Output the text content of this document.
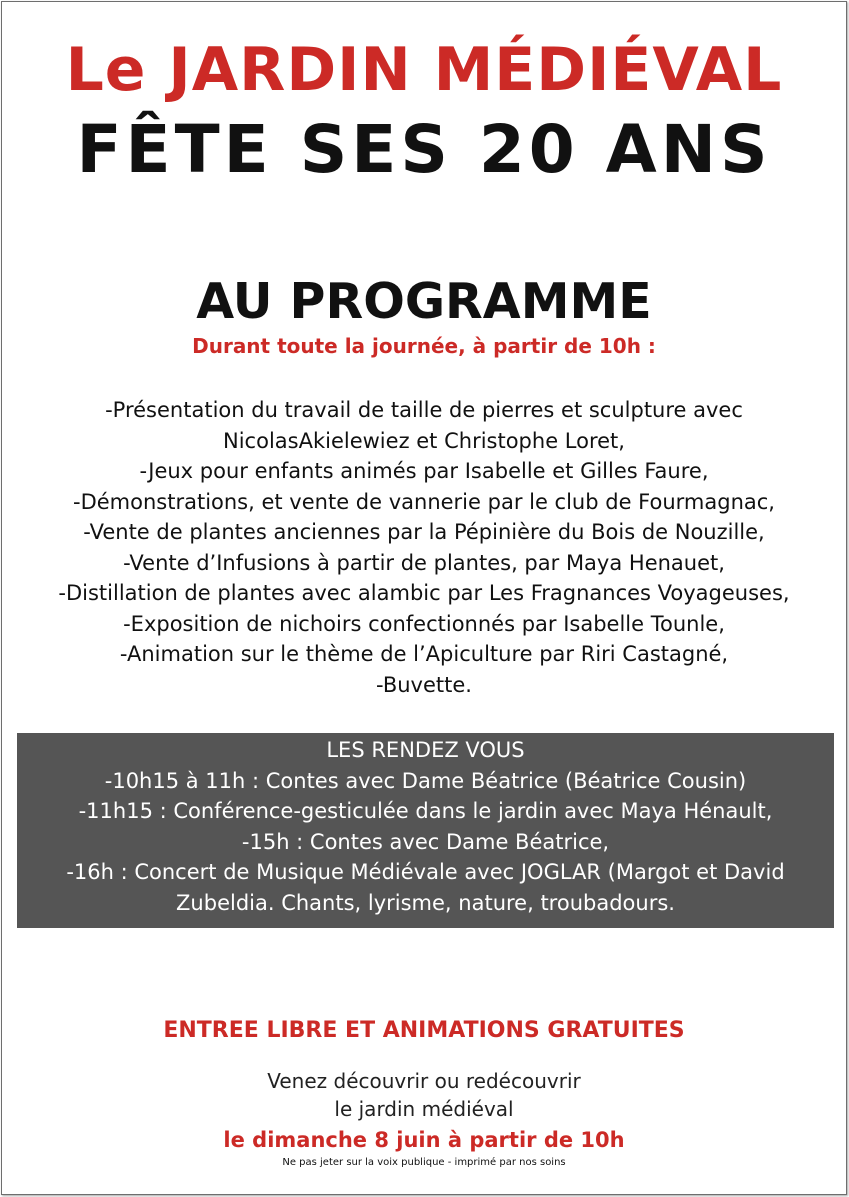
Le JARDIN MÉDIÉVAL
FÊTE SES 20 ANS
AU PROGRAMME
Durant toute la journée, à partir de 10h :
-Présentation du travail de taille de pierres et sculpture avec
NicolasAkielewiez et Christophe Loret,
-Jeux pour enfants animés par Isabelle et Gilles Faure,
-Démonstrations, et vente de vannerie par le club de Fourmagnac,
-Vente de plantes anciennes par la Pépinière du Bois de Nouzille,
-Vente d’Infusions à partir de plantes, par Maya Henauet,
-Distillation de plantes avec alambic par Les Fragnances Voyageuses,
-Exposition de nichoirs confectionnés par Isabelle Tounle,
-Animation sur le thème de l’Apiculture par Riri Castagné,
-Buvette.
LES RENDEZ VOUS
-10h15 à 11h : Contes avec Dame Béatrice (Béatrice Cousin)
-11h15 : Conférence-gesticulée dans le jardin avec Maya Hénault,
-15h : Contes avec Dame Béatrice,
-16h : Concert de Musique Médiévale avec JOGLAR (Margot et David
Zubeldia. Chants, lyrisme, nature, troubadours.
ENTREE LIBRE ET ANIMATIONS GRATUITES
Venez découvrir ou redécouvrir
le jardin médiéval
le dimanche 8 juin à partir de 10h
Ne pas jeter sur la voix publique - imprimé par nos soins
